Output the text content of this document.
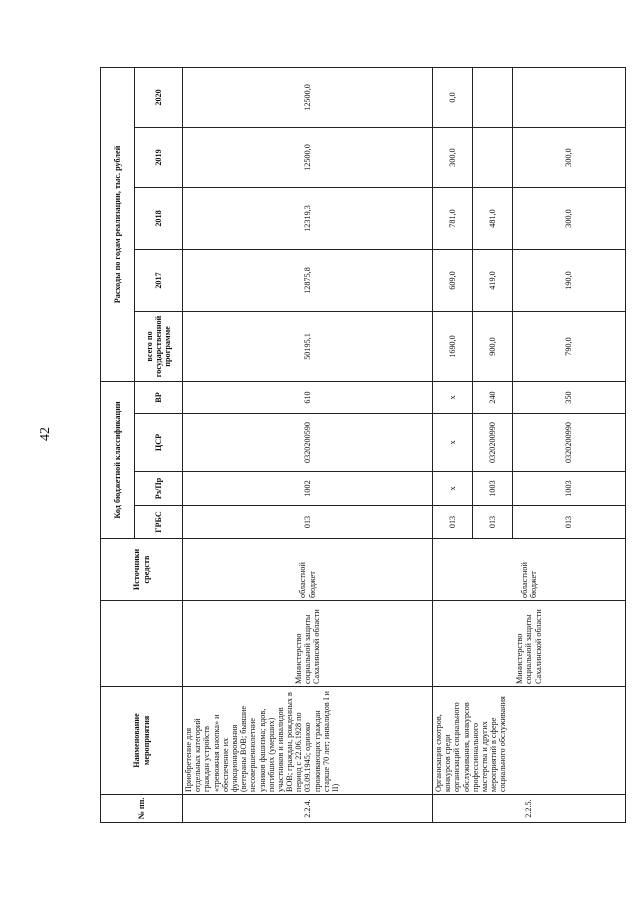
42
№ пп.	Наименование мероприятия		Источники средств	Код бюджетной классификации				Расходы по годам реализации, тыс. рублей				
				ГРБС	Рз/Пр	ЦСР	ВР	всего по государственной программе	2017	2018	2019	2020
2.2.4.	Приобретение для отдельных категорий граждан устройств «тревожная кнопка» и обеспечение их функционирования (ветераны ВОВ; бывшие несовершеннолетние узников фашизма; вдов, погибших (умерших) участников и инвалидов ВОВ; граждан, рожденных в период с 22.06.1928 по 03.09.1945; одиноко проживающих граждан старше 70 лет; инвалидов I и II)	Министерство социальной защиты Сахалинской области	областной бюджет	013	1002	0320200590	610	50195,1	12875,8	12319,3	12500,0	12500,0
2.2.5.	Организация смотров, конкурсов среди организаций социального обслуживания, конкурсов профессионального мастерства и других мероприятий в сфере социального обслуживания	Министерство социальной защиты Сахалинской области	областной бюджет	013	x	x	x	1690,0	609,0	781,0	300,0	0,0
				013	1003	0320200990	240	900,0	419,0	481,0		
				013	1003	0320200990	350	790,0	190,0	300,0	300,0	
